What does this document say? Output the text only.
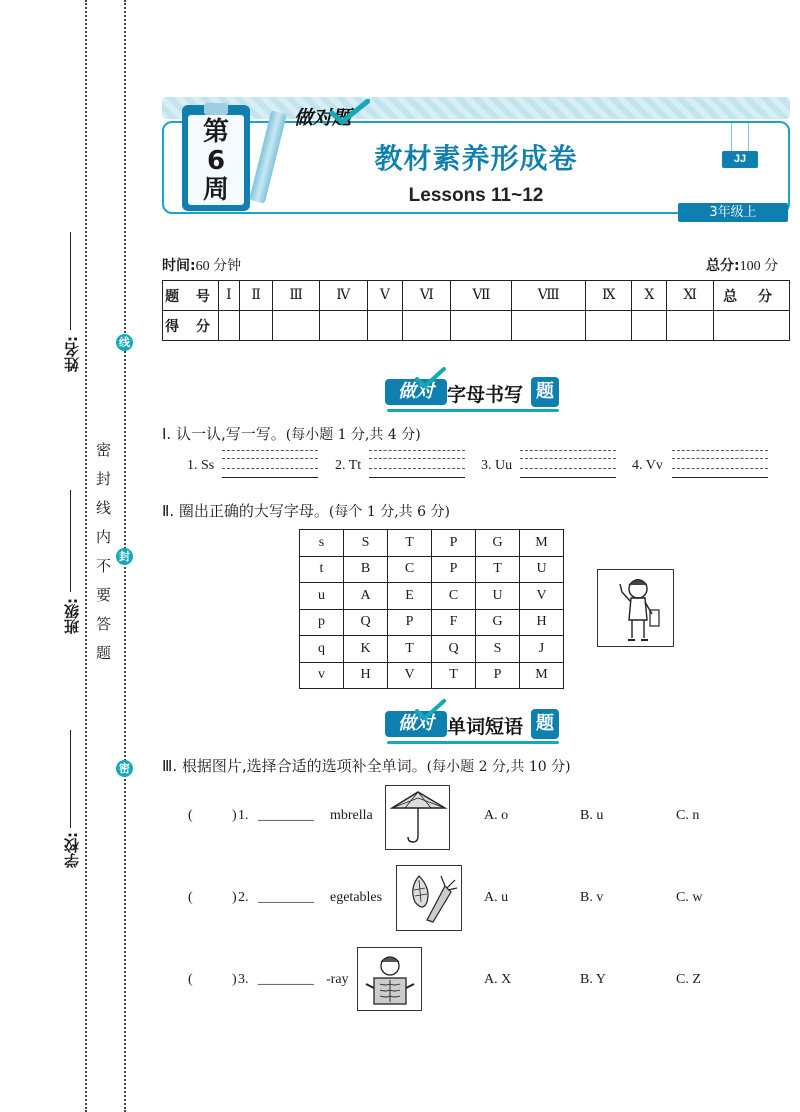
姓名:
班级:
学校:
线
封
密
密 封 线 内 不 要 答 题
第
6
周
做对题
教材素养形成卷
Lessons 11~12
JJ
3年级上
时间:60 分钟	总分:100 分
题 号	Ⅰ	Ⅱ	Ⅲ	Ⅳ	Ⅴ	Ⅵ	Ⅶ	Ⅷ	Ⅸ	Ⅹ	Ⅺ	总 分
得 分												
做对 字母书写 题
Ⅰ. 认一认,写一写。(每小题 1 分,共 4 分)
1. Ss	2. Tt	3. Uu	4. Vv
Ⅱ. 圈出正确的大写字母。(每个 1 分,共 6 分)
s	S	T	P	G	M
t	B	C	P	T	U
u	A	E	C	U	V
p	Q	P	F	G	H
q	K	T	Q	S	J
v	H	V	T	P	M
做对 单词短语 题
Ⅲ. 根据图片,选择合适的选项补全单词。(每小题 2 分,共 10 分)
(	) 1. ________ mbrella	A. o	B. u	C. n
(	) 2. ________ egetables	A. u	B. v	C. w
(	) 3. ________ -ray	A. X	B. Y	C. Z
